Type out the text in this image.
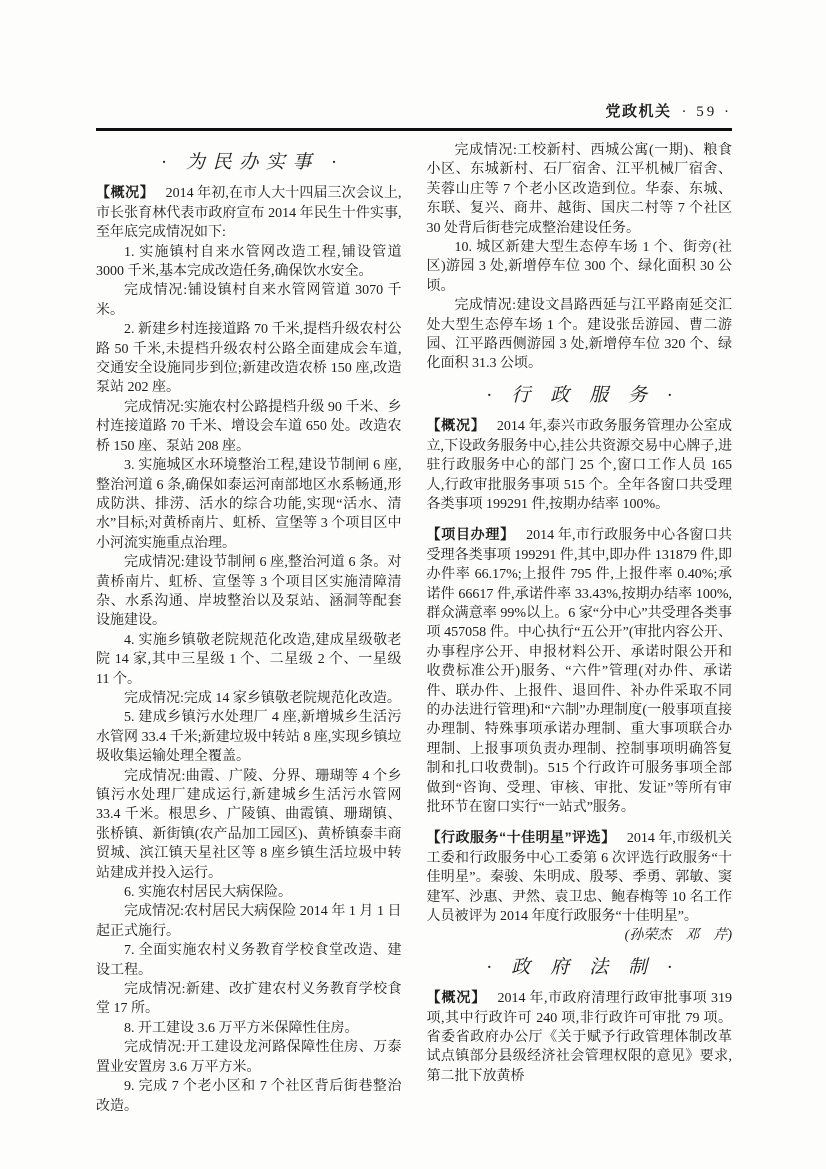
党政机关 · 59 ·
· 为民办实事 ·

【概况】 2014 年初,在市人大十四届三次会议上,市长张育林代表市政府宣布 2014 年民生十件实事,至年底完成情况如下:

1. 实施镇村自来水管网改造工程,铺设管道 3000 千米,基本完成改造任务,确保饮水安全。

完成情况:铺设镇村自来水管网管道 3070 千米。

2. 新建乡村连接道路 70 千米,提档升级农村公路 50 千米,未提档升级农村公路全面建成会车道,交通安全设施同步到位;新建改造农桥 150 座,改造泵站 202 座。

完成情况:实施农村公路提档升级 90 千米、乡村连接道路 70 千米、增设会车道 650 处。改造农桥 150 座、泵站 208 座。

3. 实施城区水环境整治工程,建设节制闸 6 座,整治河道 6 条,确保如泰运河南部地区水系畅通,形成防洪、排涝、活水的综合功能,实现“活水、清水”目标;对黄桥南片、虹桥、宣堡等 3 个项目区中小河流实施重点治理。

完成情况:建设节制闸 6 座,整治河道 6 条。对黄桥南片、虹桥、宣堡等 3 个项目区实施清障清杂、水系沟通、岸坡整治以及泵站、涵洞等配套设施建设。

4. 实施乡镇敬老院规范化改造,建成星级敬老院 14 家,其中三星级 1 个、二星级 2 个、一星级 11 个。

完成情况:完成 14 家乡镇敬老院规范化改造。

5. 建成乡镇污水处理厂 4 座,新增城乡生活污水管网 33.4 千米;新建垃圾中转站 8 座,实现乡镇垃圾收集运输处理全覆盖。

完成情况:曲霞、广陵、分界、珊瑚等 4 个乡镇污水处理厂建成运行,新建城乡生活污水管网 33.4 千米。根思乡、广陵镇、曲霞镇、珊瑚镇、张桥镇、新街镇(农产品加工园区)、黄桥镇泰丰商贸城、滨江镇天星社区等 8 座乡镇生活垃圾中转站建成并投入运行。

6. 实施农村居民大病保险。

完成情况:农村居民大病保险 2014 年 1 月 1 日起正式施行。

7. 全面实施农村义务教育学校食堂改造、建设工程。

完成情况:新建、改扩建农村义务教育学校食堂 17 所。

8. 开工建设 3.6 万平方米保障性住房。

完成情况:开工建设龙河路保障性住房、万泰置业安置房 3.6 万平方米。

9. 完成 7 个老小区和 7 个社区背后街巷整治改造。

完成情况:工校新村、西城公寓(一期)、粮食小区、东城新村、石厂宿舍、江平机械厂宿舍、芙蓉山庄等 7 个老小区改造到位。华泰、东城、东联、复兴、商井、越街、国庆二村等 7 个社区 30 处背后街巷完成整治建设任务。

10. 城区新建大型生态停车场 1 个、街旁(社区)游园 3 处,新增停车位 300 个、绿化面积 30 公顷。

完成情况:建设文昌路西延与江平路南延交汇处大型生态停车场 1 个。建设张岳游园、曹二游园、江平路西侧游园 3 处,新增停车位 320 个、绿化面积 31.3 公顷。

· 行 政 服 务 ·

【概况】 2014 年,泰兴市政务服务管理办公室成立,下设政务服务中心,挂公共资源交易中心牌子,进驻行政服务中心的部门 25 个,窗口工作人员 165 人,行政审批服务事项 515 个。全年各窗口共受理各类事项 199291 件,按期办结率 100%。

【项目办理】 2014 年,市行政服务中心各窗口共受理各类事项 199291 件,其中,即办件 131879 件,即办件率 66.17%;上报件 795 件,上报件率 0.40%;承诺件 66617 件,承诺件率 33.43%,按期办结率 100%,群众满意率 99%以上。6 家“分中心”共受理各类事项 457058 件。中心执行“五公开”(审批内容公开、办事程序公开、申报材料公开、承诺时限公开和收费标准公开)服务、“六件”管理(对办件、承诺件、联办件、上报件、退回件、补办件采取不同的办法进行管理)和“六制”办理制度(一般事项直接办理制、特殊事项承诺办理制、重大事项联合办理制、上报事项负责办理制、控制事项明确答复制和扎口收费制)。515 个行政许可服务事项全部做到“咨询、受理、审核、审批、发证”等所有审批环节在窗口实行“一站式”服务。

【行政服务“十佳明星”评选】 2014 年,市级机关工委和行政服务中心工委第 6 次评选行政服务“十佳明星”。秦骏、朱明成、殷琴、季勇、郭敏、窦建军、沙惠、尹然、袁卫忠、鲍春梅等 10 名工作人员被评为 2014 年度行政服务“十佳明星”。
(孙荣杰　邓　芹)

· 政 府 法 制 ·

【概况】 2014 年,市政府清理行政审批事项 319 项,其中行政许可 240 项,非行政许可审批 79 项。省委省政府办公厅《关于赋予行政管理体制改革试点镇部分县级经济社会管理权限的意见》要求,第二批下放黄桥
